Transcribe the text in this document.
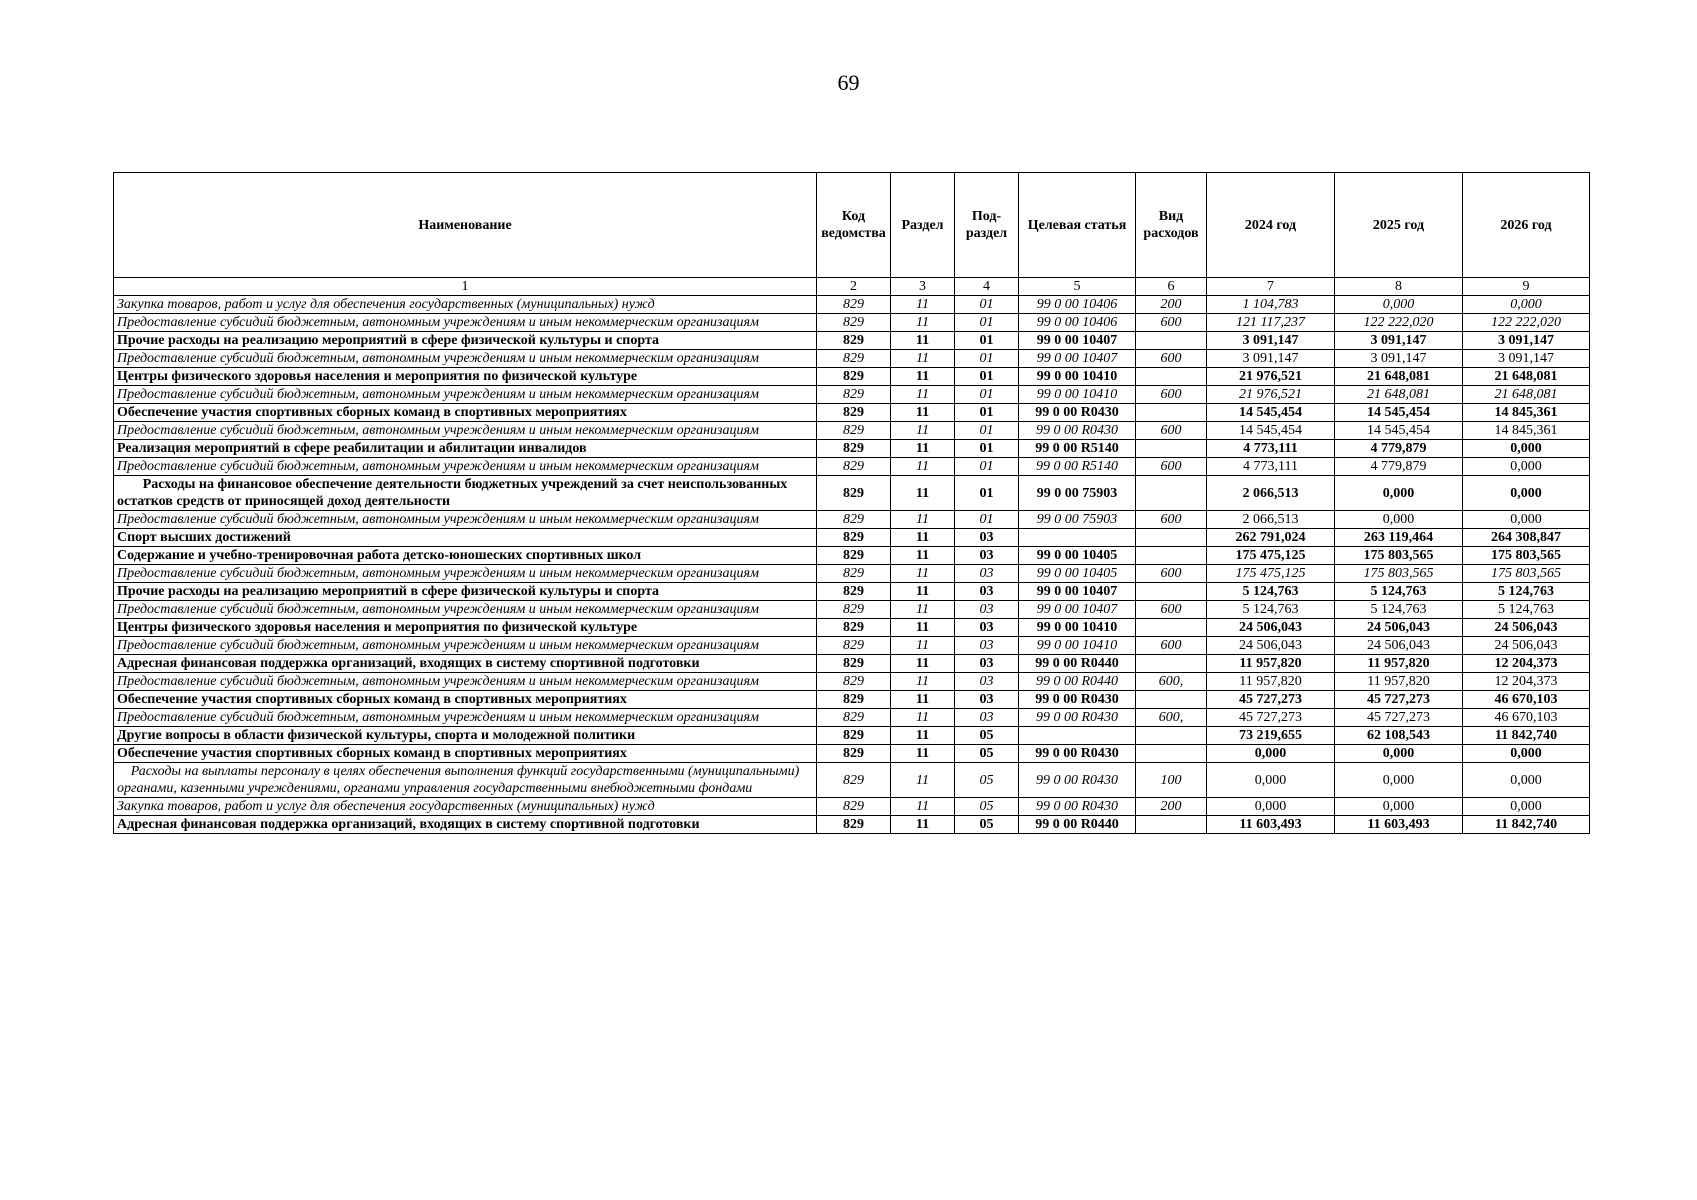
69
Наименование	Код ведомства	Раздел	Под-раздел	Целевая статья	Вид расходов	2024 год	2025 год	2026 год
1	2	3	4	5	6	7	8	9
Закупка товаров, работ и услуг для обеспечения государственных (муниципальных) нужд	829	11	01	99 0 00 10406	200	1 104,783	0,000	0,000
Предоставление субсидий бюджетным, автономным учреждениям и иным некоммерческим организациям	829	11	01	99 0 00 10406	600	121 117,237	122 222,020	122 222,020
Прочие расходы на реализацию мероприятий в сфере физической культуры и спорта	829	11	01	99 0 00 10407		3 091,147	3 091,147	3 091,147
Предоставление субсидий бюджетным, автономным учреждениям и иным некоммерческим организациям	829	11	01	99 0 00 10407	600	3 091,147	3 091,147	3 091,147
Центры физического здоровья населения и мероприятия по физической культуре	829	11	01	99 0 00 10410		21 976,521	21 648,081	21 648,081
Предоставление субсидий бюджетным, автономным учреждениям и иным некоммерческим организациям	829	11	01	99 0 00 10410	600	21 976,521	21 648,081	21 648,081
Обеспечение участия спортивных сборных команд в спортивных мероприятиях	829	11	01	99 0 00 R0430		14 545,454	14 545,454	14 845,361
Предоставление субсидий бюджетным, автономным учреждениям и иным некоммерческим организациям	829	11	01	99 0 00 R0430	600	14 545,454	14 545,454	14 845,361
Реализация мероприятий в сфере реабилитации и абилитации инвалидов	829	11	01	99 0 00 R5140		4 773,111	4 779,879	0,000
Предоставление субсидий бюджетным, автономным учреждениям и иным некоммерческим организациям	829	11	01	99 0 00 R5140	600	4 773,111	4 779,879	0,000
Расходы на финансовое обеспечение деятельности бюджетных учреждений за счет неиспользованных остатков средств от приносящей доход деятельности	829	11	01	99 0 00 75903		2 066,513	0,000	0,000
Предоставление субсидий бюджетным, автономным учреждениям и иным некоммерческим организациям	829	11	01	99 0 00 75903	600	2 066,513	0,000	0,000
Спорт высших достижений	829	11	03			262 791,024	263 119,464	264 308,847
Содержание и учебно-тренировочная работа детско-юношеских спортивных школ	829	11	03	99 0 00 10405		175 475,125	175 803,565	175 803,565
Предоставление субсидий бюджетным, автономным учреждениям и иным некоммерческим организациям	829	11	03	99 0 00 10405	600	175 475,125	175 803,565	175 803,565
Прочие расходы на реализацию мероприятий в сфере физической культуры и спорта	829	11	03	99 0 00 10407		5 124,763	5 124,763	5 124,763
Предоставление субсидий бюджетным, автономным учреждениям и иным некоммерческим организациям	829	11	03	99 0 00 10407	600	5 124,763	5 124,763	5 124,763
Центры физического здоровья населения и мероприятия по физической культуре	829	11	03	99 0 00 10410		24 506,043	24 506,043	24 506,043
Предоставление субсидий бюджетным, автономным учреждениям и иным некоммерческим организациям	829	11	03	99 0 00 10410	600	24 506,043	24 506,043	24 506,043
Адресная финансовая поддержка организаций, входящих в систему спортивной подготовки	829	11	03	99 0 00 R0440		11 957,820	11 957,820	12 204,373
Предоставление субсидий бюджетным, автономным учреждениям и иным некоммерческим организациям	829	11	03	99 0 00 R0440	600,	11 957,820	11 957,820	12 204,373
Обеспечение участия спортивных сборных команд в спортивных мероприятиях	829	11	03	99 0 00 R0430		45 727,273	45 727,273	46 670,103
Предоставление субсидий бюджетным, автономным учреждениям и иным некоммерческим организациям	829	11	03	99 0 00 R0430	600,	45 727,273	45 727,273	46 670,103
Другие вопросы в области физической культуры, спорта и молодежной политики	829	11	05			73 219,655	62 108,543	11 842,740
Обеспечение участия спортивных сборных команд в спортивных мероприятиях	829	11	05	99 0 00 R0430		0,000	0,000	0,000
Расходы на выплаты персоналу в целях обеспечения выполнения функций государственными (муниципальными) органами, казенными учреждениями, органами управления государственными внебюджетными фондами	829	11	05	99 0 00 R0430	100	0,000	0,000	0,000
Закупка товаров, работ и услуг для обеспечения государственных (муниципальных) нужд	829	11	05	99 0 00 R0430	200	0,000	0,000	0,000
Адресная финансовая поддержка организаций, входящих в систему спортивной подготовки	829	11	05	99 0 00 R0440		11 603,493	11 603,493	11 842,740
